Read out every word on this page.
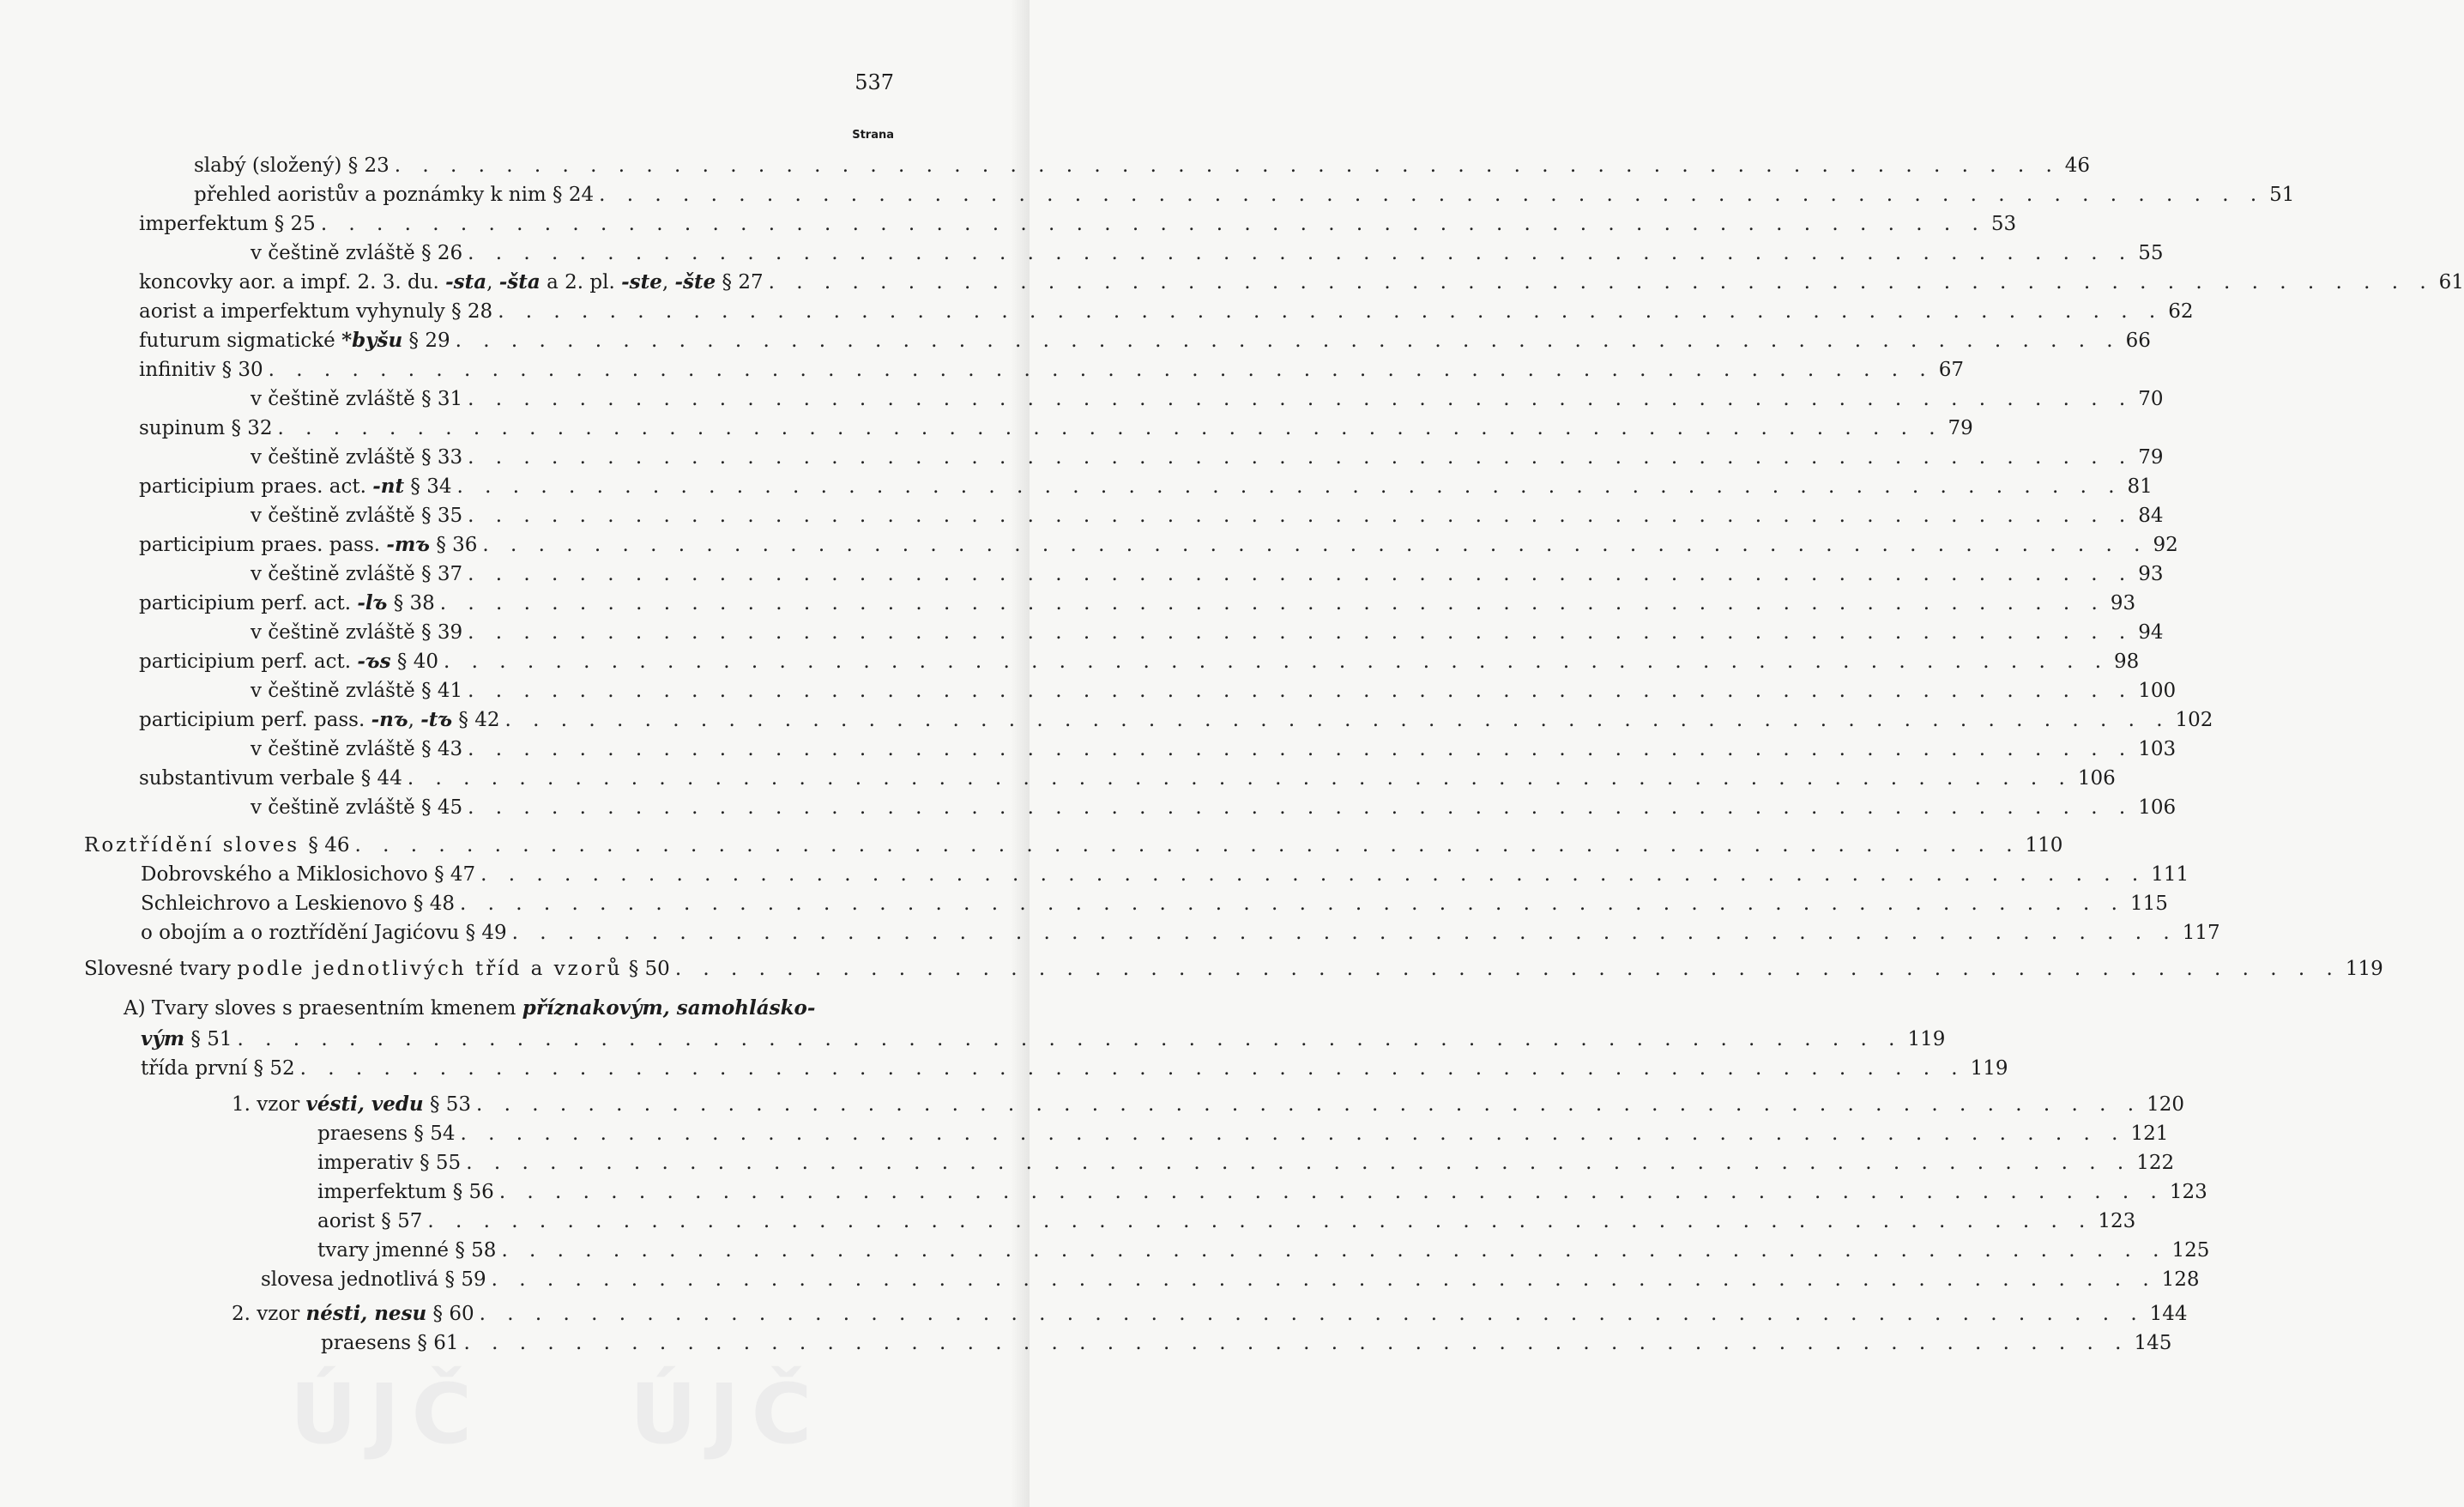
537
Strana
slabý (složený) § 23 . . . . . . . . . . . . . . . . . . . . . . . . . . . . . . . . . . . . . . . . . . . . . . . . . . . . . . . . . . . . 46
přehled aoristův a poznámky k nim § 24 . . . . . . . . . . . . . . . . . . . . . . . . . . . . . . . . . . . . . . . . . . . . . . . . . . . . . . . . . . . . 51
imperfektum § 25 . . . . . . . . . . . . . . . . . . . . . . . . . . . . . . . . . . . . . . . . . . . . . . . . . . . . . . . . . . . . 53
v češtině zvláště § 26 . . . . . . . . . . . . . . . . . . . . . . . . . . . . . . . . . . . . . . . . . . . . . . . . . . . . . . . . . . . . 55
koncovky aor. a impf. 2. 3. du. -sta, -šta a 2. pl. -ste, -šte § 27 . . . . . . . . . . . . . . . . . . . . . . . . . . . . . . . . . . . . . . . . . . . . . . . . . . . . . . . . . . . . 61
aorist a imperfektum vyhynuly § 28 . . . . . . . . . . . . . . . . . . . . . . . . . . . . . . . . . . . . . . . . . . . . . . . . . . . . . . . . . . . . 62
futurum sigmatické *byšu § 29 . . . . . . . . . . . . . . . . . . . . . . . . . . . . . . . . . . . . . . . . . . . . . . . . . . . . . . . . . . . . 66
infinitiv § 30 . . . . . . . . . . . . . . . . . . . . . . . . . . . . . . . . . . . . . . . . . . . . . . . . . . . . . . . . . . . . 67
v češtině zvláště § 31 . . . . . . . . . . . . . . . . . . . . . . . . . . . . . . . . . . . . . . . . . . . . . . . . . . . . . . . . . . . . 70
supinum § 32 . . . . . . . . . . . . . . . . . . . . . . . . . . . . . . . . . . . . . . . . . . . . . . . . . . . . . . . . . . . . 79
v češtině zvláště § 33 . . . . . . . . . . . . . . . . . . . . . . . . . . . . . . . . . . . . . . . . . . . . . . . . . . . . . . . . . . . . 79
participium praes. act. -nt § 34 . . . . . . . . . . . . . . . . . . . . . . . . . . . . . . . . . . . . . . . . . . . . . . . . . . . . . . . . . . . . 81
v češtině zvláště § 35 . . . . . . . . . . . . . . . . . . . . . . . . . . . . . . . . . . . . . . . . . . . . . . . . . . . . . . . . . . . . 84
participium praes. pass. -mъ § 36 . . . . . . . . . . . . . . . . . . . . . . . . . . . . . . . . . . . . . . . . . . . . . . . . . . . . . . . . . . . . 92
v češtině zvláště § 37 . . . . . . . . . . . . . . . . . . . . . . . . . . . . . . . . . . . . . . . . . . . . . . . . . . . . . . . . . . . . 93
participium perf. act. -lъ § 38 . . . . . . . . . . . . . . . . . . . . . . . . . . . . . . . . . . . . . . . . . . . . . . . . . . . . . . . . . . . . 93
v češtině zvláště § 39 . . . . . . . . . . . . . . . . . . . . . . . . . . . . . . . . . . . . . . . . . . . . . . . . . . . . . . . . . . . . 94
participium perf. act. -ъs § 40 . . . . . . . . . . . . . . . . . . . . . . . . . . . . . . . . . . . . . . . . . . . . . . . . . . . . . . . . . . . . 98
v češtině zvláště § 41 . . . . . . . . . . . . . . . . . . . . . . . . . . . . . . . . . . . . . . . . . . . . . . . . . . . . . . . . . . . . 100
participium perf. pass. -nъ, -tъ § 42 . . . . . . . . . . . . . . . . . . . . . . . . . . . . . . . . . . . . . . . . . . . . . . . . . . . . . . . . . . . . 102
v češtině zvláště § 43 . . . . . . . . . . . . . . . . . . . . . . . . . . . . . . . . . . . . . . . . . . . . . . . . . . . . . . . . . . . . 103
substantivum verbale § 44 . . . . . . . . . . . . . . . . . . . . . . . . . . . . . . . . . . . . . . . . . . . . . . . . . . . . . . . . . . . . 106
v češtině zvláště § 45 . . . . . . . . . . . . . . . . . . . . . . . . . . . . . . . . . . . . . . . . . . . . . . . . . . . . . . . . . . . . 106
Roztřídění sloves § 46 . . . . . . . . . . . . . . . . . . . . . . . . . . . . . . . . . . . . . . . . . . . . . . . . . . . . . . . . . . . . 110
Dobrovského a Miklosichovo § 47 . . . . . . . . . . . . . . . . . . . . . . . . . . . . . . . . . . . . . . . . . . . . . . . . . . . . . . . . . . . . 111
Schleichrovo a Leskienovo § 48 . . . . . . . . . . . . . . . . . . . . . . . . . . . . . . . . . . . . . . . . . . . . . . . . . . . . . . . . . . . . 115
o obojím a o roztřídění Jagićovu § 49 . . . . . . . . . . . . . . . . . . . . . . . . . . . . . . . . . . . . . . . . . . . . . . . . . . . . . . . . . . . . 117
Slovesné tvary podle jednotlivých tříd a vzorů § 50 . . . . . . . . . . . . . . . . . . . . . . . . . . . . . . . . . . . . . . . . . . . . . . . . . . . . . . . . . . . . 119
A) Tvary sloves s praesentním kmenem příznakovým, samohlásko-
vým § 51 . . . . . . . . . . . . . . . . . . . . . . . . . . . . . . . . . . . . . . . . . . . . . . . . . . . . . . . . . . . . 119
třída první § 52 . . . . . . . . . . . . . . . . . . . . . . . . . . . . . . . . . . . . . . . . . . . . . . . . . . . . . . . . . . . . 119
1. vzor vésti, vedu § 53 . . . . . . . . . . . . . . . . . . . . . . . . . . . . . . . . . . . . . . . . . . . . . . . . . . . . . . . . . . . . 120
praesens § 54 . . . . . . . . . . . . . . . . . . . . . . . . . . . . . . . . . . . . . . . . . . . . . . . . . . . . . . . . . . . . 121
imperativ § 55 . . . . . . . . . . . . . . . . . . . . . . . . . . . . . . . . . . . . . . . . . . . . . . . . . . . . . . . . . . . . 122
imperfektum § 56 . . . . . . . . . . . . . . . . . . . . . . . . . . . . . . . . . . . . . . . . . . . . . . . . . . . . . . . . . . . . 123
aorist § 57 . . . . . . . . . . . . . . . . . . . . . . . . . . . . . . . . . . . . . . . . . . . . . . . . . . . . . . . . . . . . 123
tvary jmenné § 58 . . . . . . . . . . . . . . . . . . . . . . . . . . . . . . . . . . . . . . . . . . . . . . . . . . . . . . . . . . . . 125
slovesa jednotlivá § 59 . . . . . . . . . . . . . . . . . . . . . . . . . . . . . . . . . . . . . . . . . . . . . . . . . . . . . . . . . . . . 128
2. vzor nésti, nesu § 60 . . . . . . . . . . . . . . . . . . . . . . . . . . . . . . . . . . . . . . . . . . . . . . . . . . . . . . . . . . . . 144
praesens § 61 . . . . . . . . . . . . . . . . . . . . . . . . . . . . . . . . . . . . . . . . . . . . . . . . . . . . . . . . . . . . 145
ÚJČ ÚJČ
